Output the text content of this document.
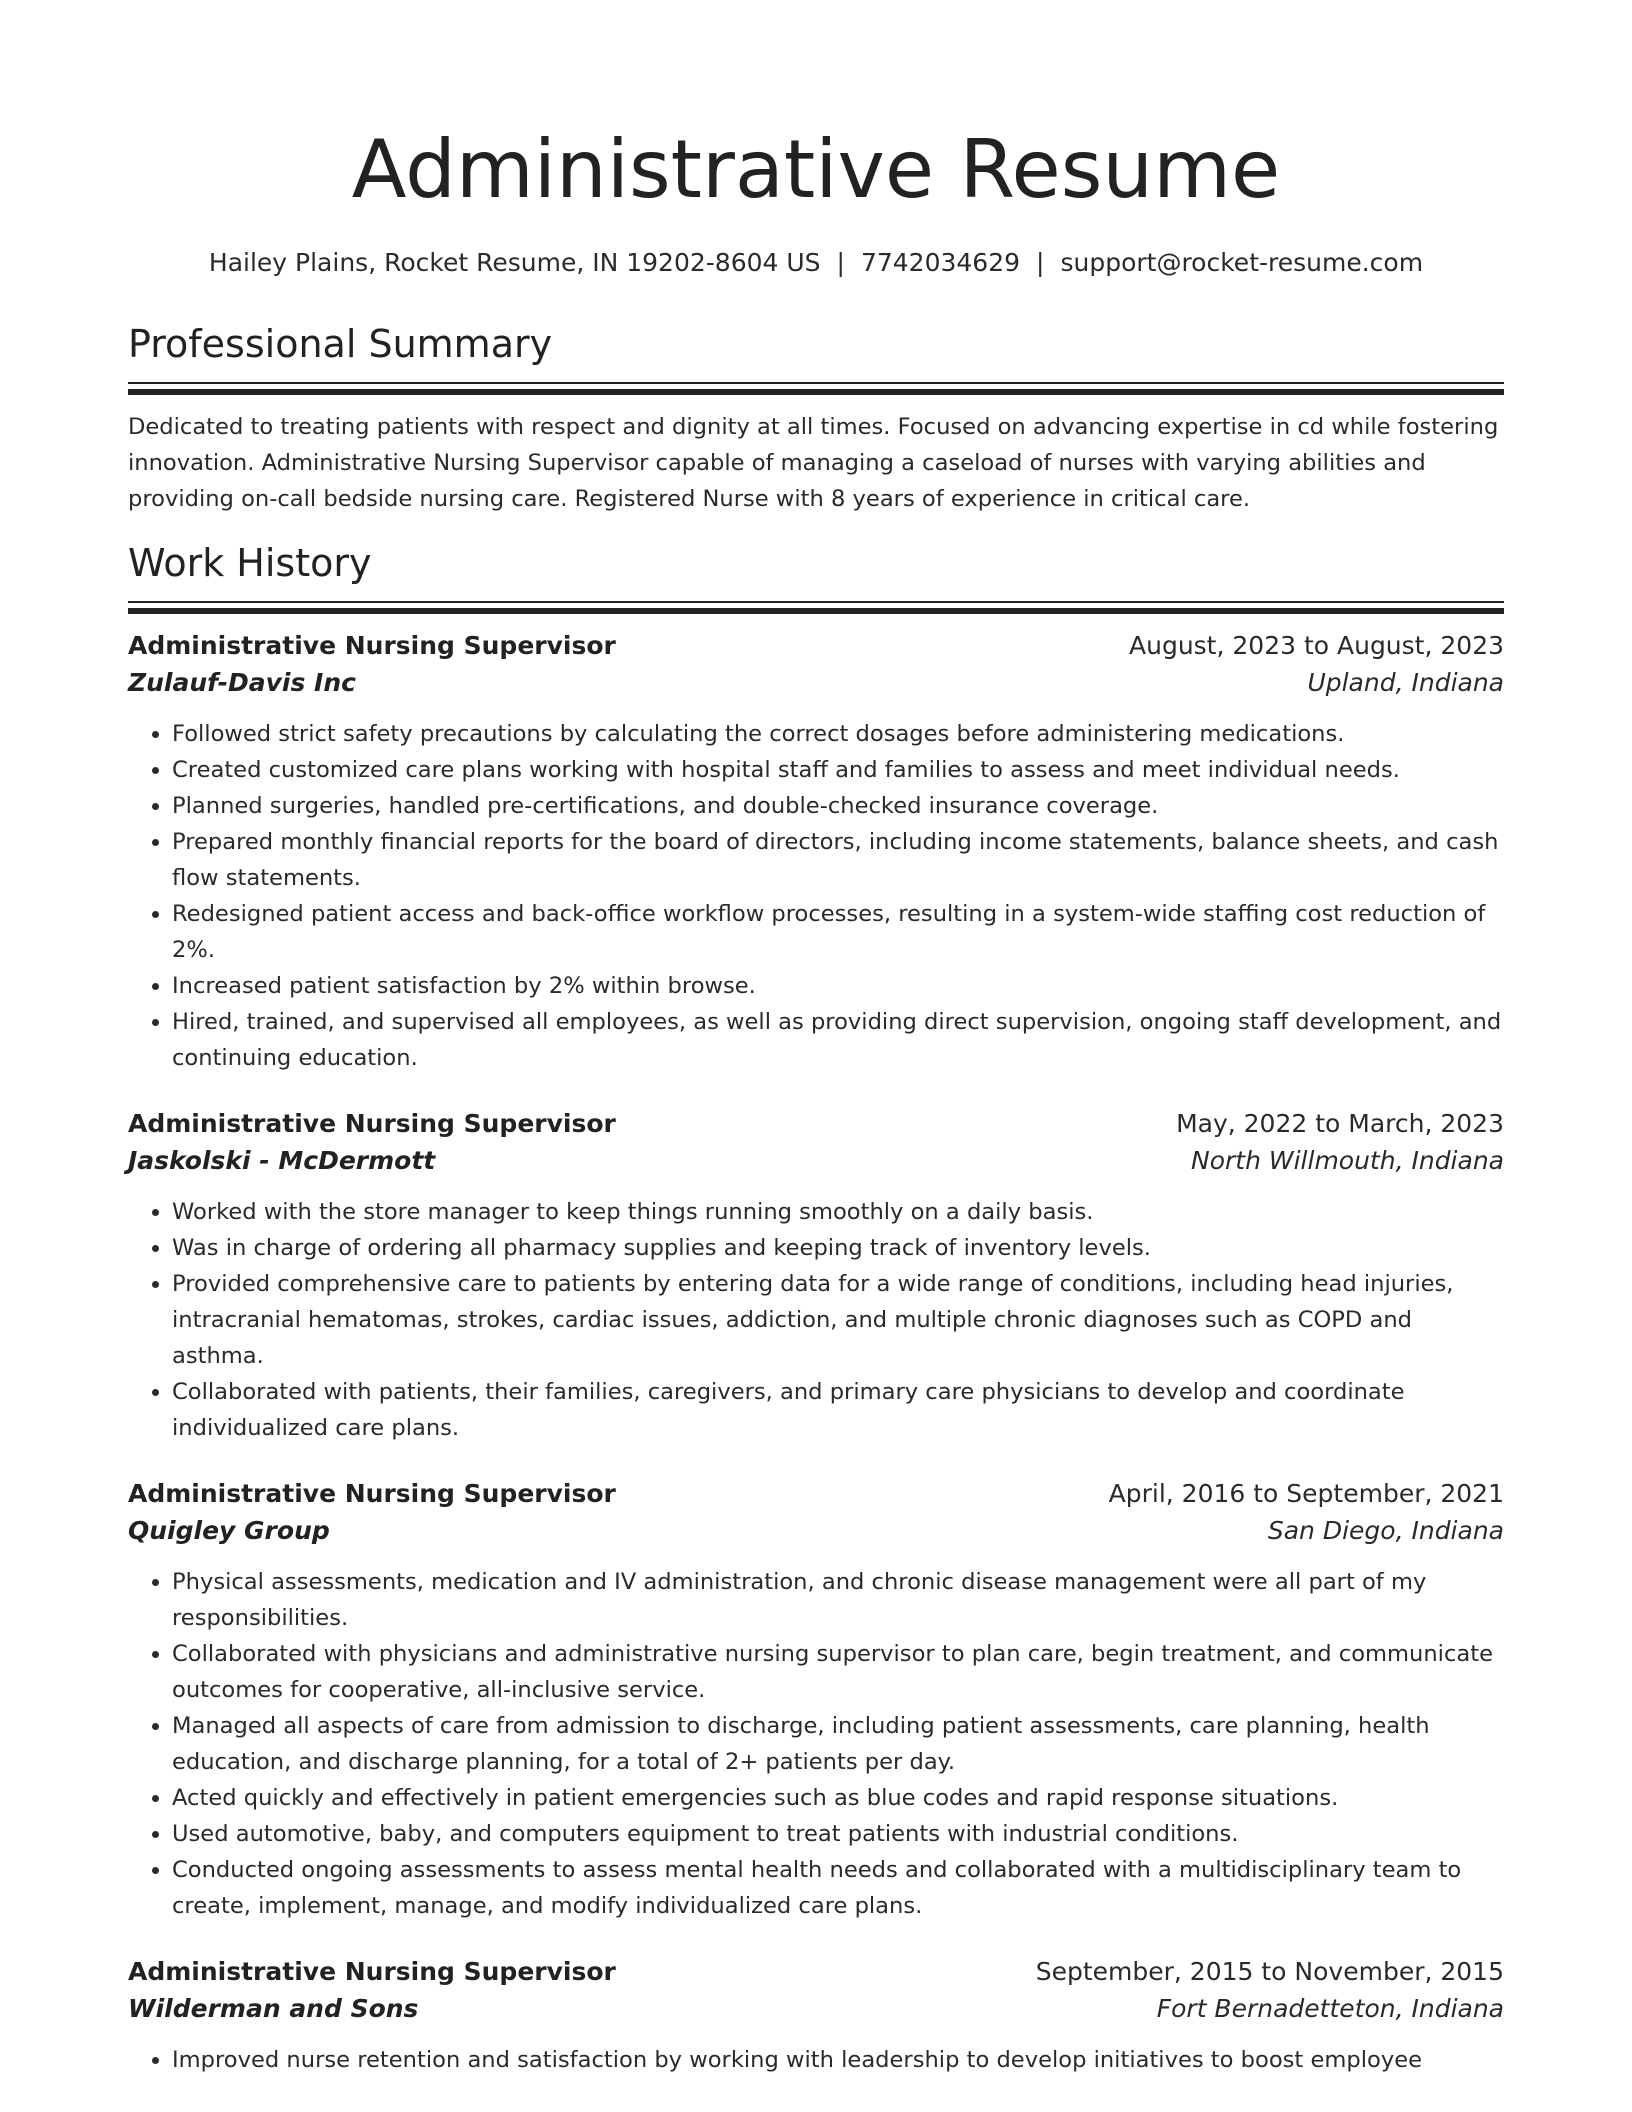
Administrative Resume
Hailey Plains, Rocket Resume, IN 19202-8604 US | 7742034629 | support@rocket-resume.com
Professional Summary

Dedicated to treating patients with respect and dignity at all times. Focused on advancing expertise in cd while fostering innovation. Administrative Nursing Supervisor capable of managing a caseload of nurses with varying abilities and providing on-call bedside nursing care. Registered Nurse with 8 years of experience in critical care.

Work History
Administrative Nursing Supervisor	August, 2023 to August, 2023
Zulauf-Davis Inc	Upland, Indiana
• Followed strict safety precautions by calculating the correct dosages before administering medications.
• Created customized care plans working with hospital staff and families to assess and meet individual needs.
• Planned surgeries, handled pre-certifications, and double-checked insurance coverage.
• Prepared monthly financial reports for the board of directors, including income statements, balance sheets, and cash flow statements.
• Redesigned patient access and back-office workflow processes, resulting in a system-wide staffing cost reduction of 2%.
• Increased patient satisfaction by 2% within browse.
• Hired, trained, and supervised all employees, as well as providing direct supervision, ongoing staff development, and continuing education.
Administrative Nursing Supervisor	May, 2022 to March, 2023
Jaskolski - McDermott	North Willmouth, Indiana
• Worked with the store manager to keep things running smoothly on a daily basis.
• Was in charge of ordering all pharmacy supplies and keeping track of inventory levels.
• Provided comprehensive care to patients by entering data for a wide range of conditions, including head injuries, intracranial hematomas, strokes, cardiac issues, addiction, and multiple chronic diagnoses such as COPD and asthma.
• Collaborated with patients, their families, caregivers, and primary care physicians to develop and coordinate individualized care plans.
Administrative Nursing Supervisor	April, 2016 to September, 2021
Quigley Group	San Diego, Indiana
• Physical assessments, medication and IV administration, and chronic disease management were all part of my responsibilities.
• Collaborated with physicians and administrative nursing supervisor to plan care, begin treatment, and communicate outcomes for cooperative, all-inclusive service.
• Managed all aspects of care from admission to discharge, including patient assessments, care planning, health education, and discharge planning, for a total of 2+ patients per day.
• Acted quickly and effectively in patient emergencies such as blue codes and rapid response situations.
• Used automotive, baby, and computers equipment to treat patients with industrial conditions.
• Conducted ongoing assessments to assess mental health needs and collaborated with a multidisciplinary team to create, implement, manage, and modify individualized care plans.
Administrative Nursing Supervisor	September, 2015 to November, 2015
Wilderman and Sons	Fort Bernadetteton, Indiana
• Improved nurse retention and satisfaction by working with leadership to develop initiatives to boost employee
